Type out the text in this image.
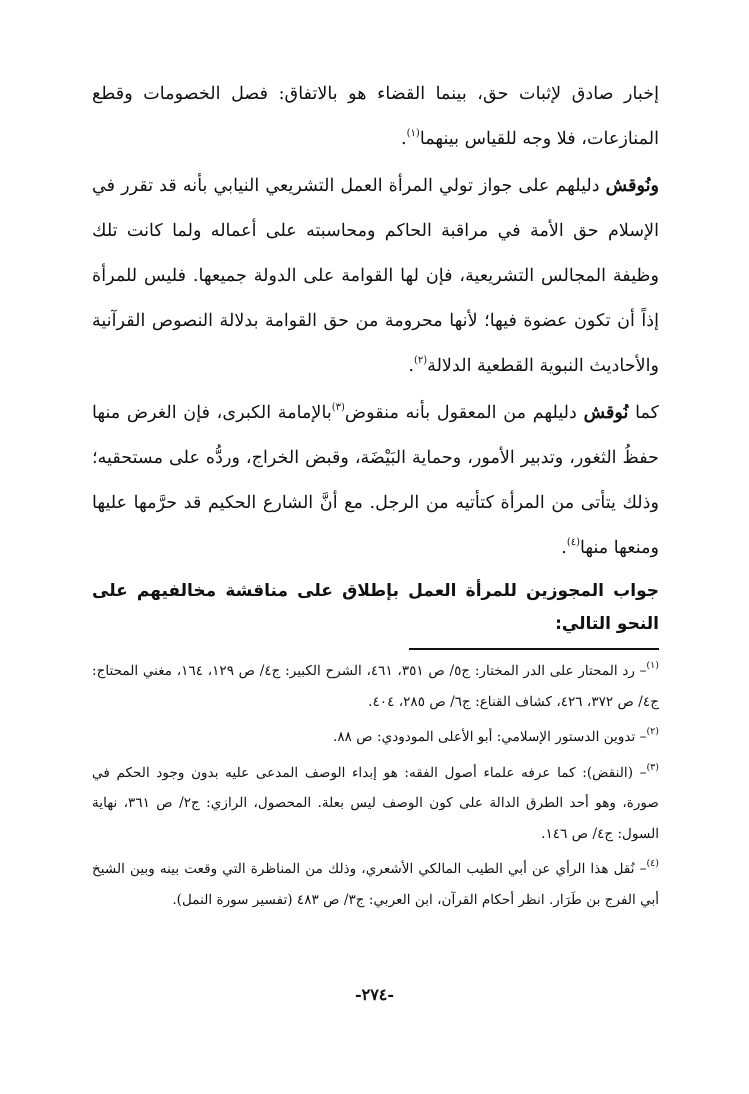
إخبار صادق لإثبات حق، بينما القضاء هو بالاتفاق: فصل الخصومات وقطع المنازعات، فلا وجه للقياس بينهما$^{(١)}$.

ونُوقش دليلهم على جواز تولي المرأة العمل التشريعي النيابي بأنه قد تقرر في الإسلام حق الأمة في مراقبة الحاكم ومحاسبته على أعماله ولما كانت تلك وظيفة المجالس التشريعية، فإن لها القوامة على الدولة جميعها. فليس للمرأة إذاً أن تكون عضوة فيها؛ لأنها محرومة من حق القوامة بدلالة النصوص القرآنية والأحاديث النبوية القطعية الدلالة$^{(٢)}$.

كما نُوقش دليلهم من المعقول بأنه منقوض$^{(٣)}$بالإمامة الكبرى، فإن الغرض منها حفظُ الثغور، وتدبير الأمور، وحماية البَيْضَة، وقبض الخراج، وردُّه على مستحقيه؛ وذلك يتأتى من المرأة كتأتيه من الرجل. مع أنَّ الشارع الحكيم قد حرَّمها عليها ومنعها منها$^{(٤)}$.

جواب المجوزين للمرأة العمل بإطلاق على مناقشة مخالفيهم على النحو التالي:

$^{(١)}$– رد المحتار على الدر المختار: ج٥/ ص ٣٥١، ٤٦١، الشرح الكبير: ج٤/ ص ١٢٩، ١٦٤، مغني المحتاج: ج٤/ ص ٣٧٢، ٤٢٦، كشاف القناع: ج٦/ ص ٢٨٥، ٤٠٤.

$^{(٢)}$– تدوين الدستور الإسلامي: أبو الأعلى المودودي: ص ٨٨.

$^{(٣)}$– (النقض): كما عرفه علماء أصول الفقه: هو إبداء الوصف المدعى عليه بدون وجود الحكم في صورة، وهو أحد الطرق الدالة على كون الوصف ليس بعلة. المحصول، الرازي: ج٢/ ص ٣٦١، نهاية السول: ج٤/ ص ١٤٦.

$^{(٤)}$– نُقل هذا الرأي عن أبي الطيب المالكي الأشعري، وذلك من المناظرة التي وقعت بينه وبين الشيخ أبي الفرج بن طَرَار. انظر أحكام القرآن، ابن العربي: ج٣/ ص ٤٨٣ (تفسير سورة النمل).

-٢٧٤-
